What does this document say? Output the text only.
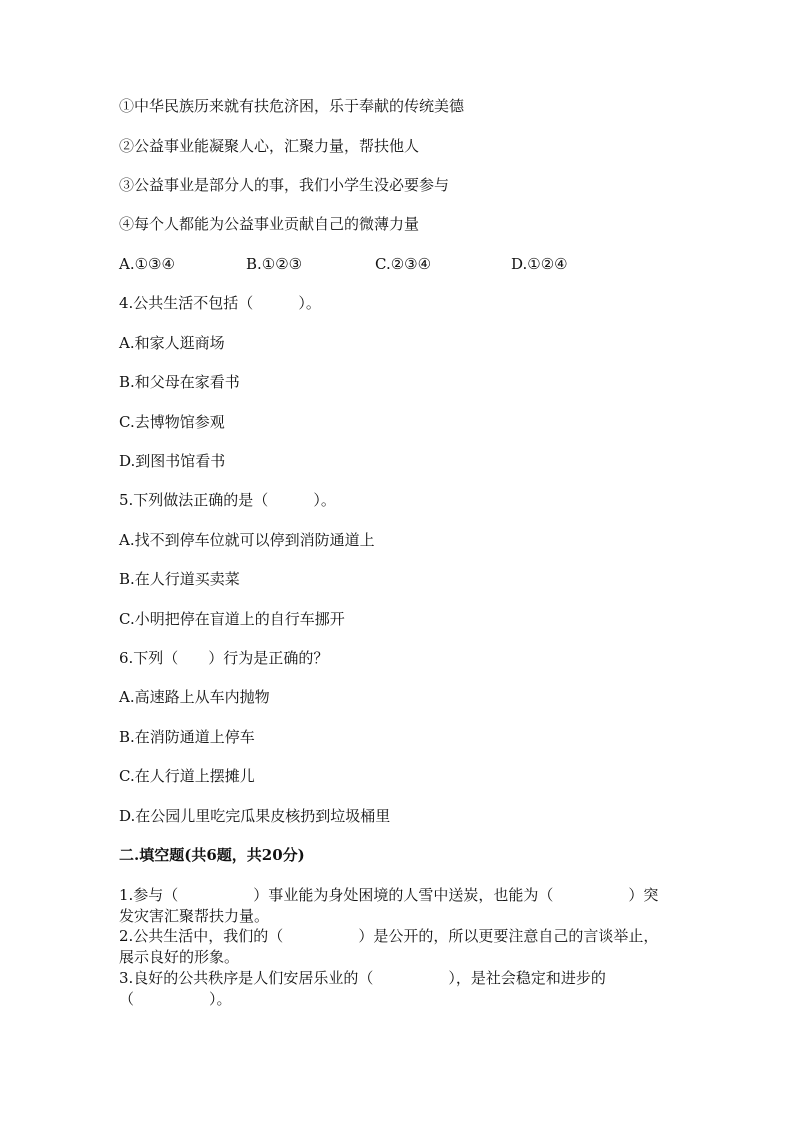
①中华民族历来就有扶危济困，乐于奉献的传统美德
②公益事业能凝聚人心，汇聚力量，帮扶他人
③公益事业是部分人的事，我们小学生没必要参与
④每个人都能为公益事业贡献自己的微薄力量
A.①③④	B.①②③	C.②③④	D.①②④
4.公共生活不包括（　　　）。
A.和家人逛商场
B.和父母在家看书
C.去博物馆参观
D.到图书馆看书
5.下列做法正确的是（　　　）。
A.找不到停车位就可以停到消防通道上
B.在人行道买卖菜
C.小明把停在盲道上的自行车挪开
6.下列（　　）行为是正确的？
A.高速路上从车内抛物
B.在消防通道上停车
C.在人行道上摆摊儿
D.在公园儿里吃完瓜果皮核扔到垃圾桶里
二.填空题(共6题，共20分)
1.参与（　　　　　）事业能为身处困境的人雪中送炭，也能为（　　　　　）突发灾害汇聚帮扶力量。
2.公共生活中，我们的（　　　　　）是公开的，所以更要注意自己的言谈举止，展示良好的形象。
3.良好的公共秩序是人们安居乐业的（　　　　　），是社会稳定和进步的（　　　　　）。
